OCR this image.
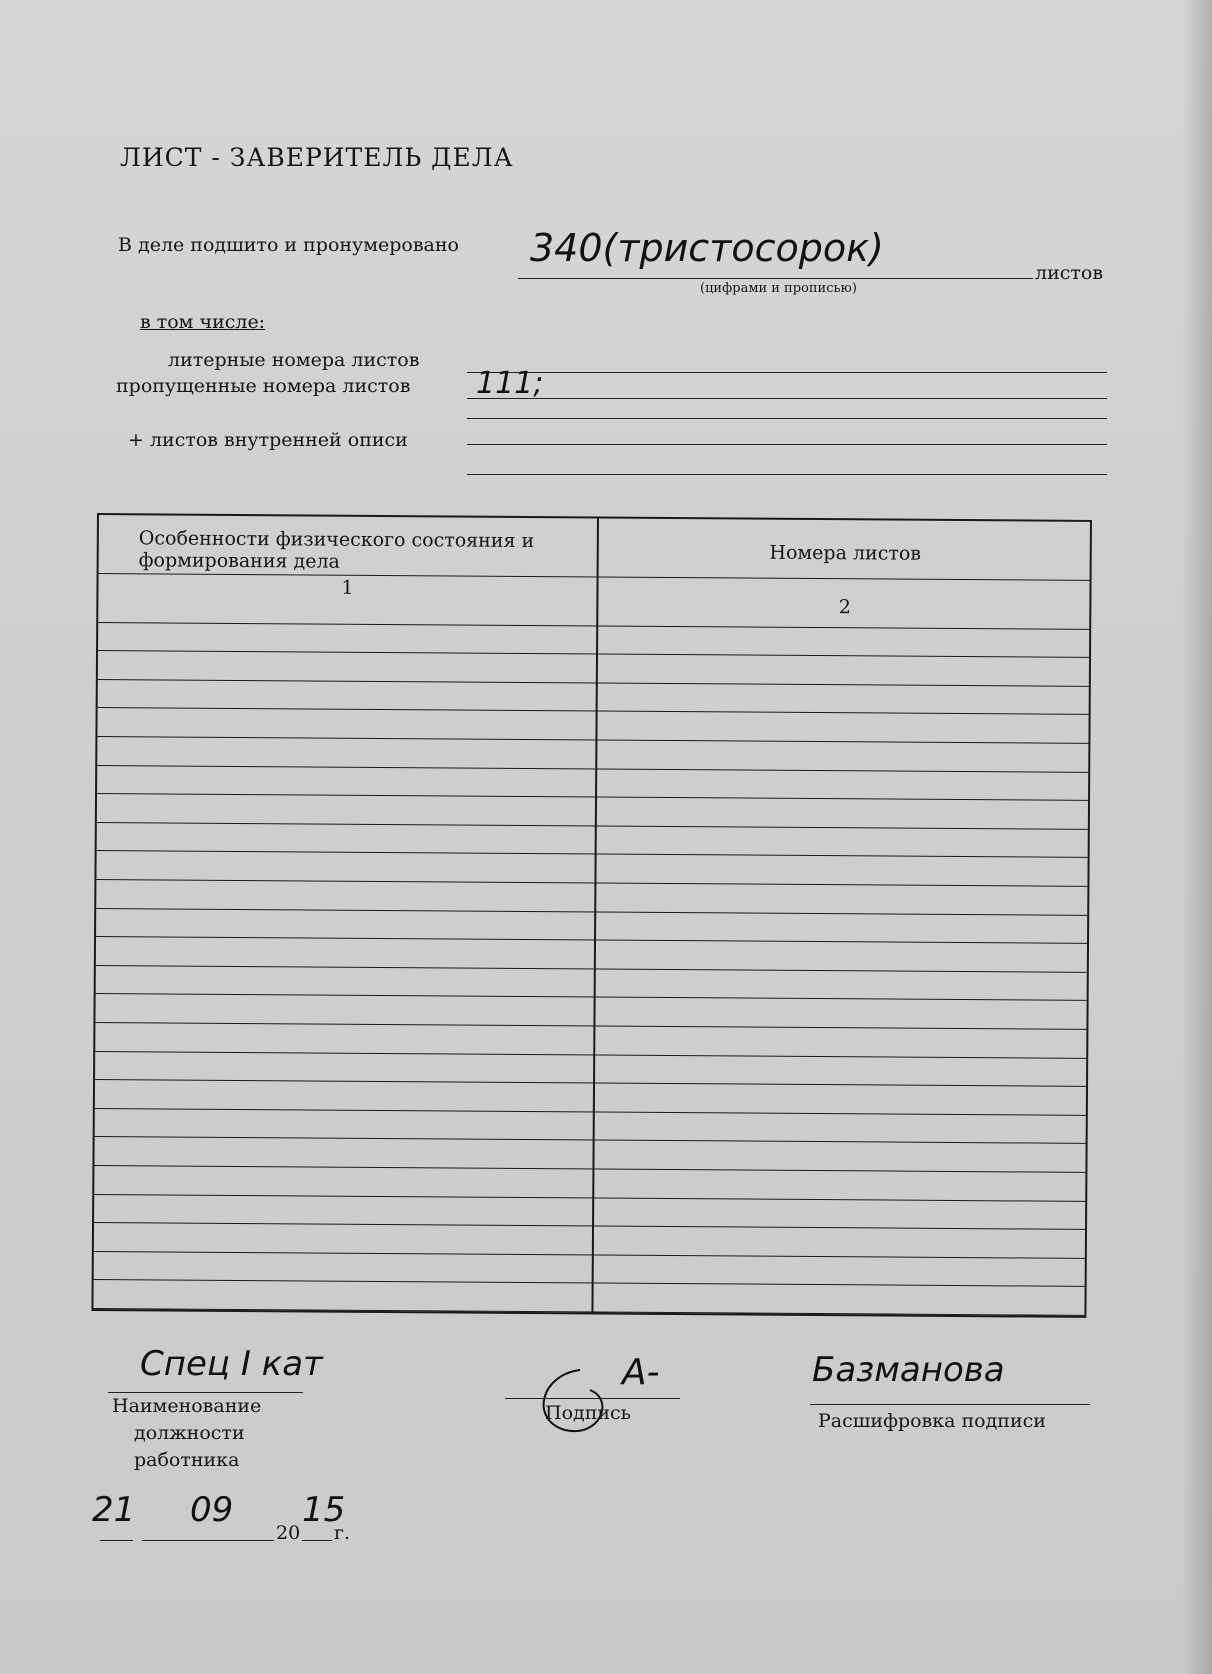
ЛИСТ - ЗАВЕРИТЕЛЬ ДЕЛА
В деле подшито и пронумеровано 340(тристосорок)
(цифрами и прописью)
листов
в том числе:
литерные номера листов
пропущенные номера листов 111;
+ листов внутренней описи
Особенности физического состояния и формирования дела	Номера листов
1
2
Спец I кат
Наименование
должности
работника
А-
Подпись
Базманова
Расшифровка подписи
21 09
20
15
г.
